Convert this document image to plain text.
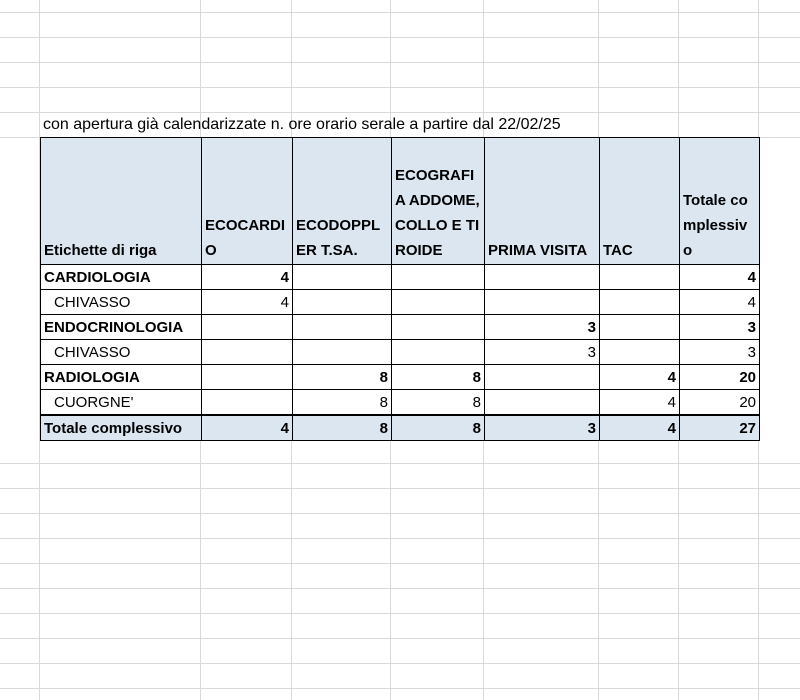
con apertura già calendarizzate n. ore orario serale a partire dal 22/02/25
Etichette di riga	ECOCARDIO	ECODOPPLER T.SA.	ECOGRAFIA ADDOME, COLLO E TIROIDE	PRIMA VISITA	TAC	Totale complessivo
CARDIOLOGIA	4					4
CHIVASSO	4					4
ENDOCRINOLOGIA				3		3
CHIVASSO				3		3
RADIOLOGIA		8	8		4	20
CUORGNE'		8	8		4	20
Totale complessivo	4	8	8	3	4	27
